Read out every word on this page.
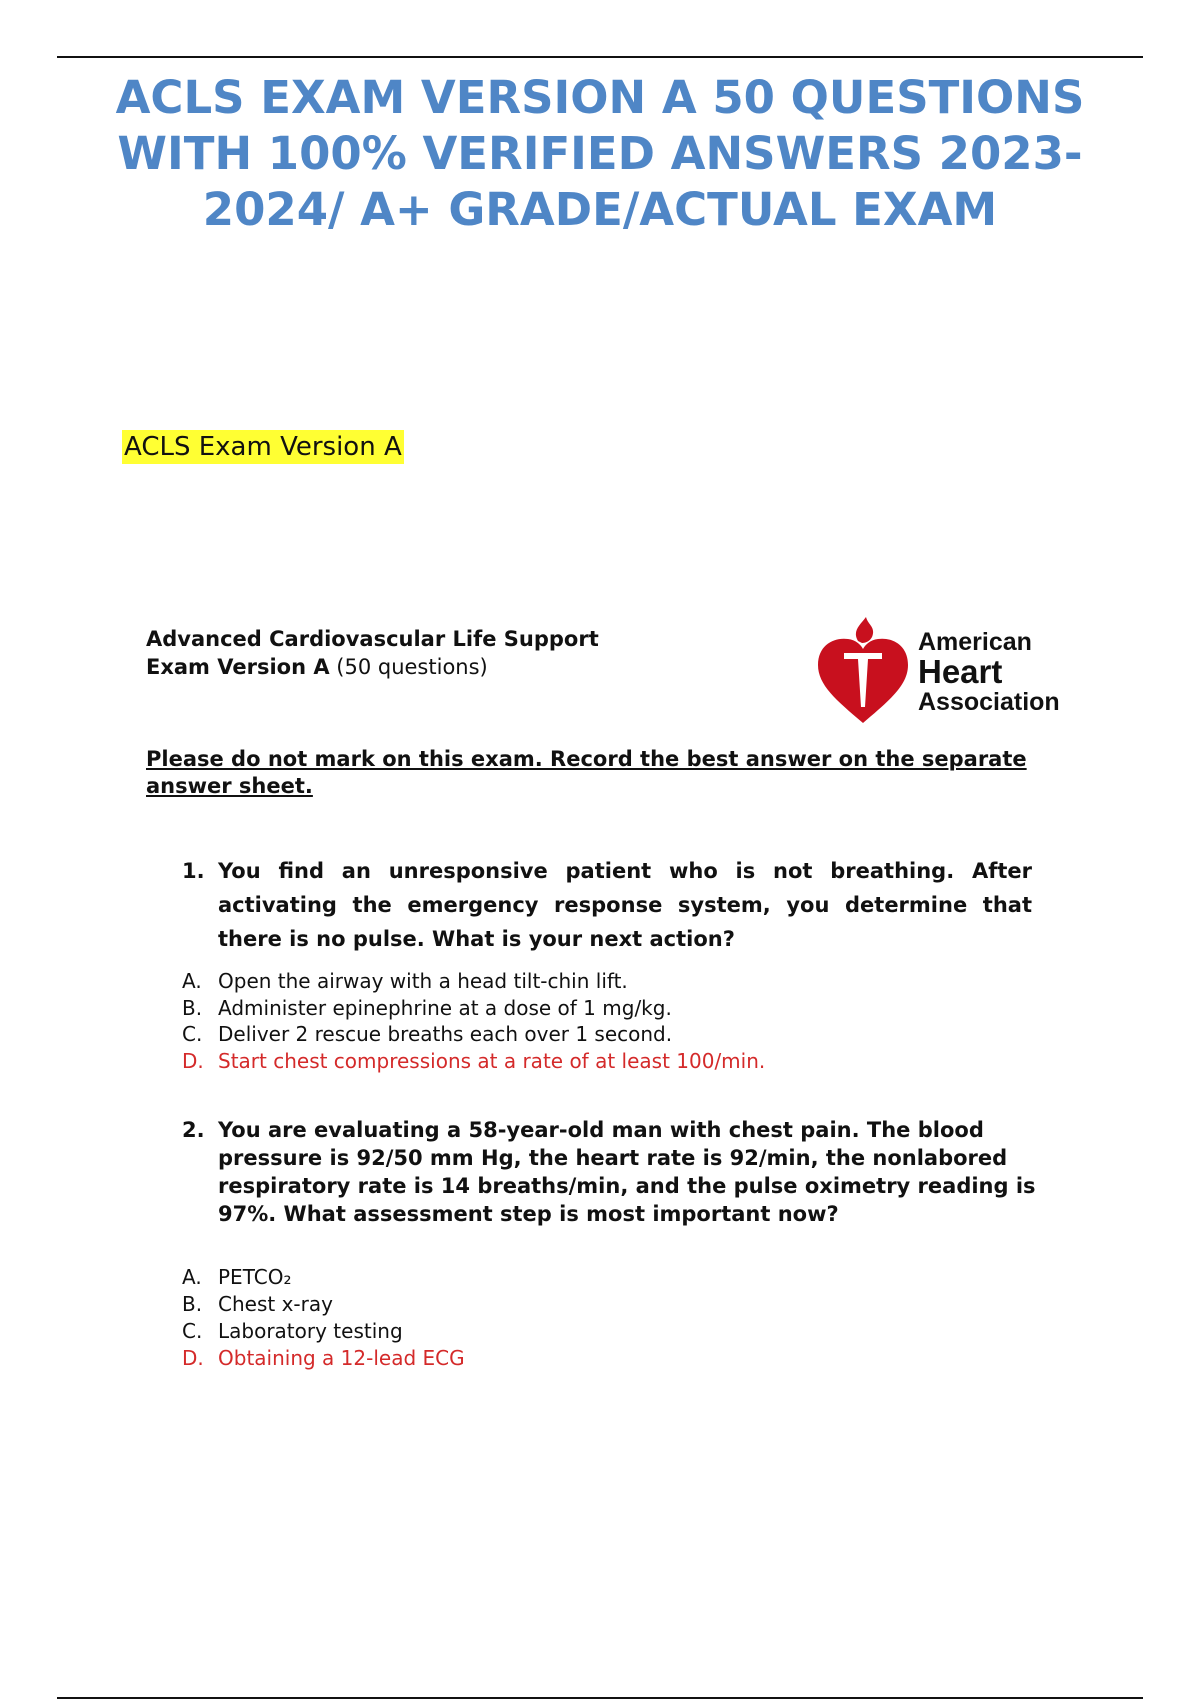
ACLS EXAM VERSION A 50 QUESTIONS WITH 100% VERIFIED ANSWERS 2023-2024/ A+ GRADE/ACTUAL EXAM
ACLS Exam Version A
Advanced Cardiovascular Life Support
Exam Version A (50 questions)
American
Heart
Association
Please do not mark on this exam. Record the best answer on the separate answer sheet.
1. You find an unresponsive patient who is not breathing. After activating the emergency response system, you determine that there is no pulse. What is your next action?
A. Open the airway with a head tilt-chin lift.
B. Administer epinephrine at a dose of 1 mg/kg.
C. Deliver 2 rescue breaths each over 1 second.
D. Start chest compressions at a rate of at least 100/min.
2. You are evaluating a 58-year-old man with chest pain. The blood pressure is 92/50 mm Hg, the heart rate is 92/min, the nonlabored respiratory rate is 14 breaths/min, and the pulse oximetry reading is 97%. What assessment step is most important now?
A. PETCO₂
B. Chest x-ray
C. Laboratory testing
D. Obtaining a 12-lead ECG
